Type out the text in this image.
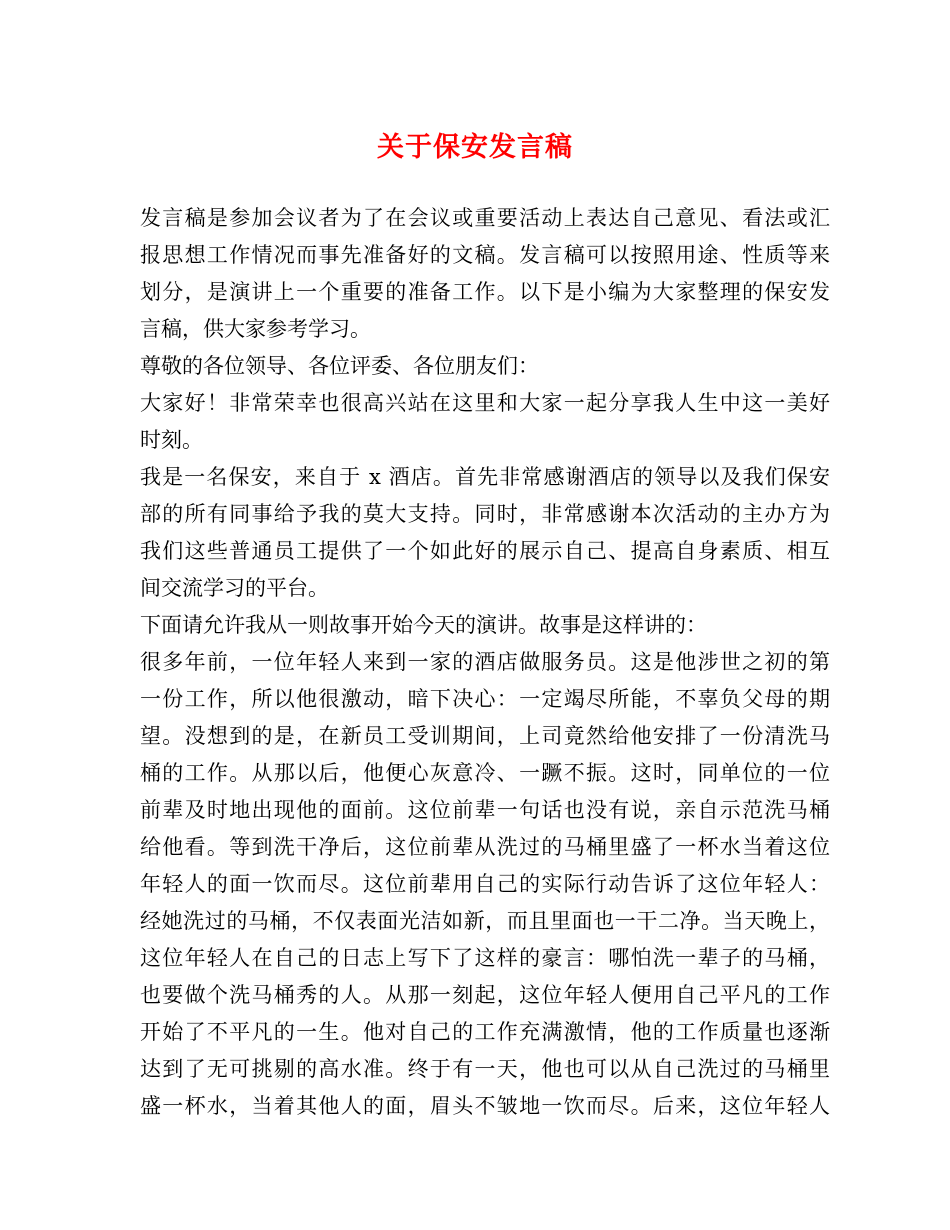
关于保安发言稿
发言稿是参加会议者为了在会议或重要活动上表达自己意见、看法或汇
报思想工作情况而事先准备好的文稿。发言稿可以按照用途、性质等来
划分，是演讲上一个重要的准备工作。以下是小编为大家整理的保安发
言稿，供大家参考学习。
尊敬的各位领导、各位评委、各位朋友们：
大家好！非常荣幸也很高兴站在这里和大家一起分享我人生中这一美好
时刻。
我是一名保安，来自于 x 酒店。首先非常感谢酒店的领导以及我们保安
部的所有同事给予我的莫大支持。同时，非常感谢本次活动的主办方为
我们这些普通员工提供了一个如此好的展示自己、提高自身素质、相互
间交流学习的平台。
下面请允许我从一则故事开始今天的演讲。故事是这样讲的：
很多年前，一位年轻人来到一家的酒店做服务员。这是他涉世之初的第
一份工作，所以他很激动，暗下决心：一定竭尽所能，不辜负父母的期
望。没想到的是，在新员工受训期间，上司竟然给他安排了一份清洗马
桶的工作。从那以后，他便心灰意冷、一蹶不振。这时，同单位的一位
前辈及时地出现他的面前。这位前辈一句话也没有说，亲自示范洗马桶
给他看。等到洗干净后，这位前辈从洗过的马桶里盛了一杯水当着这位
年轻人的面一饮而尽。这位前辈用自己的实际行动告诉了这位年轻人：
经她洗过的马桶，不仅表面光洁如新，而且里面也一干二净。当天晚上，
这位年轻人在自己的日志上写下了这样的豪言：哪怕洗一辈子的马桶，
也要做个洗马桶秀的人。从那一刻起，这位年轻人便用自己平凡的工作
开始了不平凡的一生。他对自己的工作充满激情，他的工作质量也逐渐
达到了无可挑剔的高水准。终于有一天，他也可以从自己洗过的马桶里
盛一杯水，当着其他人的面，眉头不皱地一饮而尽。后来，这位年轻人
